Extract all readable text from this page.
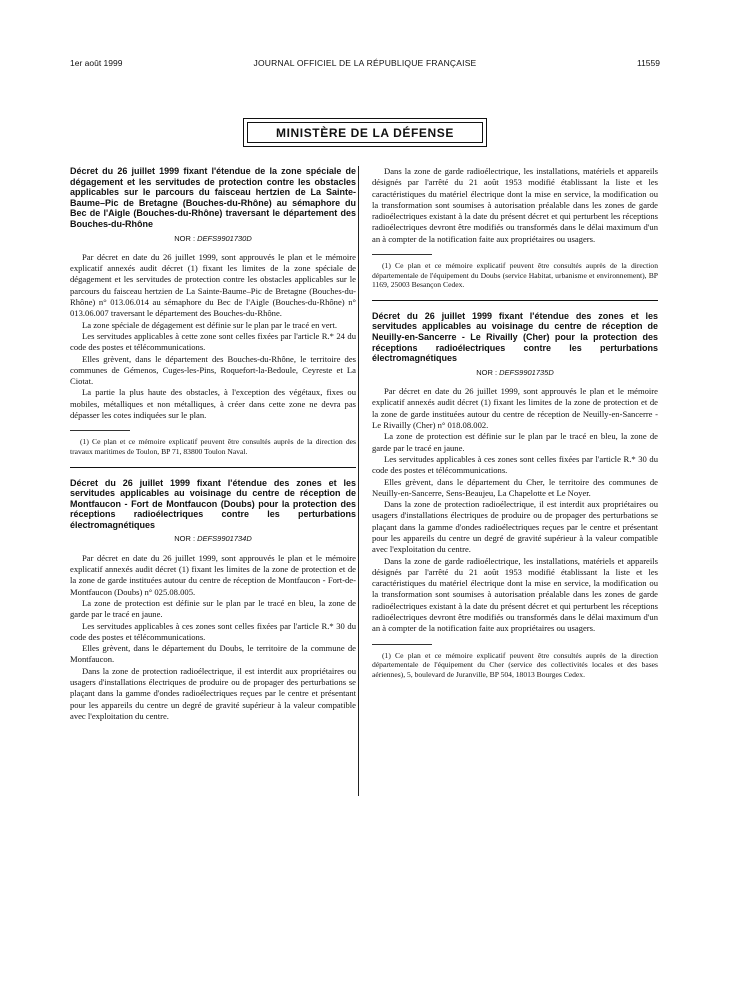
1er août 1999	JOURNAL OFFICIEL DE LA RÉPUBLIQUE FRANÇAISE	11559
MINISTÈRE DE LA DÉFENSE
Décret du 26 juillet 1999 fixant l'étendue de la zone spéciale de dégagement et les servitudes de protection contre les obstacles applicables sur le parcours du faisceau hertzien de La Sainte-Baume–Pic de Bretagne (Bouches-du-Rhône) au sémaphore du Bec de l'Aigle (Bouches-du-Rhône) traversant le département des Bouches-du-Rhône
NOR : DEFS9901730D

Par décret en date du 26 juillet 1999, sont approuvés le plan et le mémoire explicatif annexés audit décret (1) fixant les limites de la zone spéciale de dégagement et les servitudes de protection contre les obstacles applicables sur le parcours du faisceau hertzien de La Sainte-Baume–Pic de Bretagne (Bouches-du-Rhône) n° 013.06.014 au sémaphore du Bec de l'Aigle (Bouches-du-Rhône) n° 013.06.007 traversant le département des Bouches-du-Rhône.

La zone spéciale de dégagement est définie sur le plan par le tracé en vert.

Les servitudes applicables à cette zone sont celles fixées par l'article R.* 24 du code des postes et télécommunications.

Elles grèvent, dans le département des Bouches-du-Rhône, le territoire des communes de Gémenos, Cuges-les-Pins, Roquefort-la-Bedoule, Ceyreste et La Ciotat.

La partie la plus haute des obstacles, à l'exception des végétaux, fixes ou mobiles, métalliques et non métalliques, à créer dans cette zone ne devra pas dépasser les cotes indiquées sur le plan.

(1) Ce plan et ce mémoire explicatif peuvent être consultés auprès de la direction des travaux maritimes de Toulon, BP 71, 83800 Toulon Naval.

Décret du 26 juillet 1999 fixant l'étendue des zones et les servitudes applicables au voisinage du centre de réception de Montfaucon - Fort de Montfaucon (Doubs) pour la protection des réceptions radioélectriques contre les perturbations électromagnétiques
NOR : DEFS9901734D

Par décret en date du 26 juillet 1999, sont approuvés le plan et le mémoire explicatif annexés audit décret (1) fixant les limites de la zone de protection et de la zone de garde instituées autour du centre de réception de Montfaucon - Fort-de-Montfaucon (Doubs) n° 025.08.005.

La zone de protection est définie sur le plan par le tracé en bleu, la zone de garde par le tracé en jaune.

Les servitudes applicables à ces zones sont celles fixées par l'article R.* 30 du code des postes et télécommunications.

Elles grèvent, dans le département du Doubs, le territoire de la commune de Montfaucon.

Dans la zone de protection radioélectrique, il est interdit aux propriétaires ou usagers d'installations électriques de produire ou de propager des perturbations se plaçant dans la gamme d'ondes radioélectriques reçues par le centre et présentant pour les appareils du centre un degré de gravité supérieur à la valeur compatible avec l'exploitation du centre.

Dans la zone de garde radioélectrique, les installations, matériels et appareils désignés par l'arrêté du 21 août 1953 modifié établissant la liste et les caractéristiques du matériel électrique dont la mise en service, la modification ou la transformation sont soumises à autorisation préalable dans les zones de garde radioélectriques existant à la date du présent décret et qui perturbent les réceptions radioélectriques devront être modifiés ou transformés dans le délai maximum d'un an à compter de la notification faite aux propriétaires ou usagers.

(1) Ce plan et ce mémoire explicatif peuvent être consultés auprès de la direction départementale de l'équipement du Doubs (service Habitat, urbanisme et environnement), BP 1169, 25003 Besançon Cedex.

Décret du 26 juillet 1999 fixant l'étendue des zones et les servitudes applicables au voisinage du centre de réception de Neuilly-en-Sancerre - Le Rivailly (Cher) pour la protection des réceptions radioélectriques contre les perturbations électromagnétiques
NOR : DEFS9901735D

Par décret en date du 26 juillet 1999, sont approuvés le plan et le mémoire explicatif annexés audit décret (1) fixant les limites de la zone de protection et de la zone de garde instituées autour du centre de réception de Neuilly-en-Sancerre - Le Rivailly (Cher) n° 018.08.002.

La zone de protection est définie sur le plan par le tracé en bleu, la zone de garde par le tracé en jaune.

Les servitudes applicables à ces zones sont celles fixées par l'article R.* 30 du code des postes et télécommunications.

Elles grèvent, dans le département du Cher, le territoire des communes de Neuilly-en-Sancerre, Sens-Beaujeu, La Chapelotte et Le Noyer.

Dans la zone de protection radioélectrique, il est interdit aux propriétaires ou usagers d'installations électriques de produire ou de propager des perturbations se plaçant dans la gamme d'ondes radioélectriques reçues par le centre et présentant pour les appareils du centre un degré de gravité supérieur à la valeur compatible avec l'exploitation du centre.

Dans la zone de garde radioélectrique, les installations, matériels et appareils désignés par l'arrêté du 21 août 1953 modifié établissant la liste et les caractéristiques du matériel électrique dont la mise en service, la modification ou la transformation sont soumises à autorisation préalable dans les zones de garde radioélectriques existant à la date du présent décret et qui perturbent les réceptions radioélectriques devront être modifiés ou transformés dans le délai maximum d'un an à compter de la notification faite aux propriétaires ou usagers.

(1) Ce plan et ce mémoire explicatif peuvent être consultés auprès de la direction départementale de l'équipement du Cher (service des collectivités locales et des bases aériennes), 5, boulevard de Juranville, BP 504, 18013 Bourges Cedex.
